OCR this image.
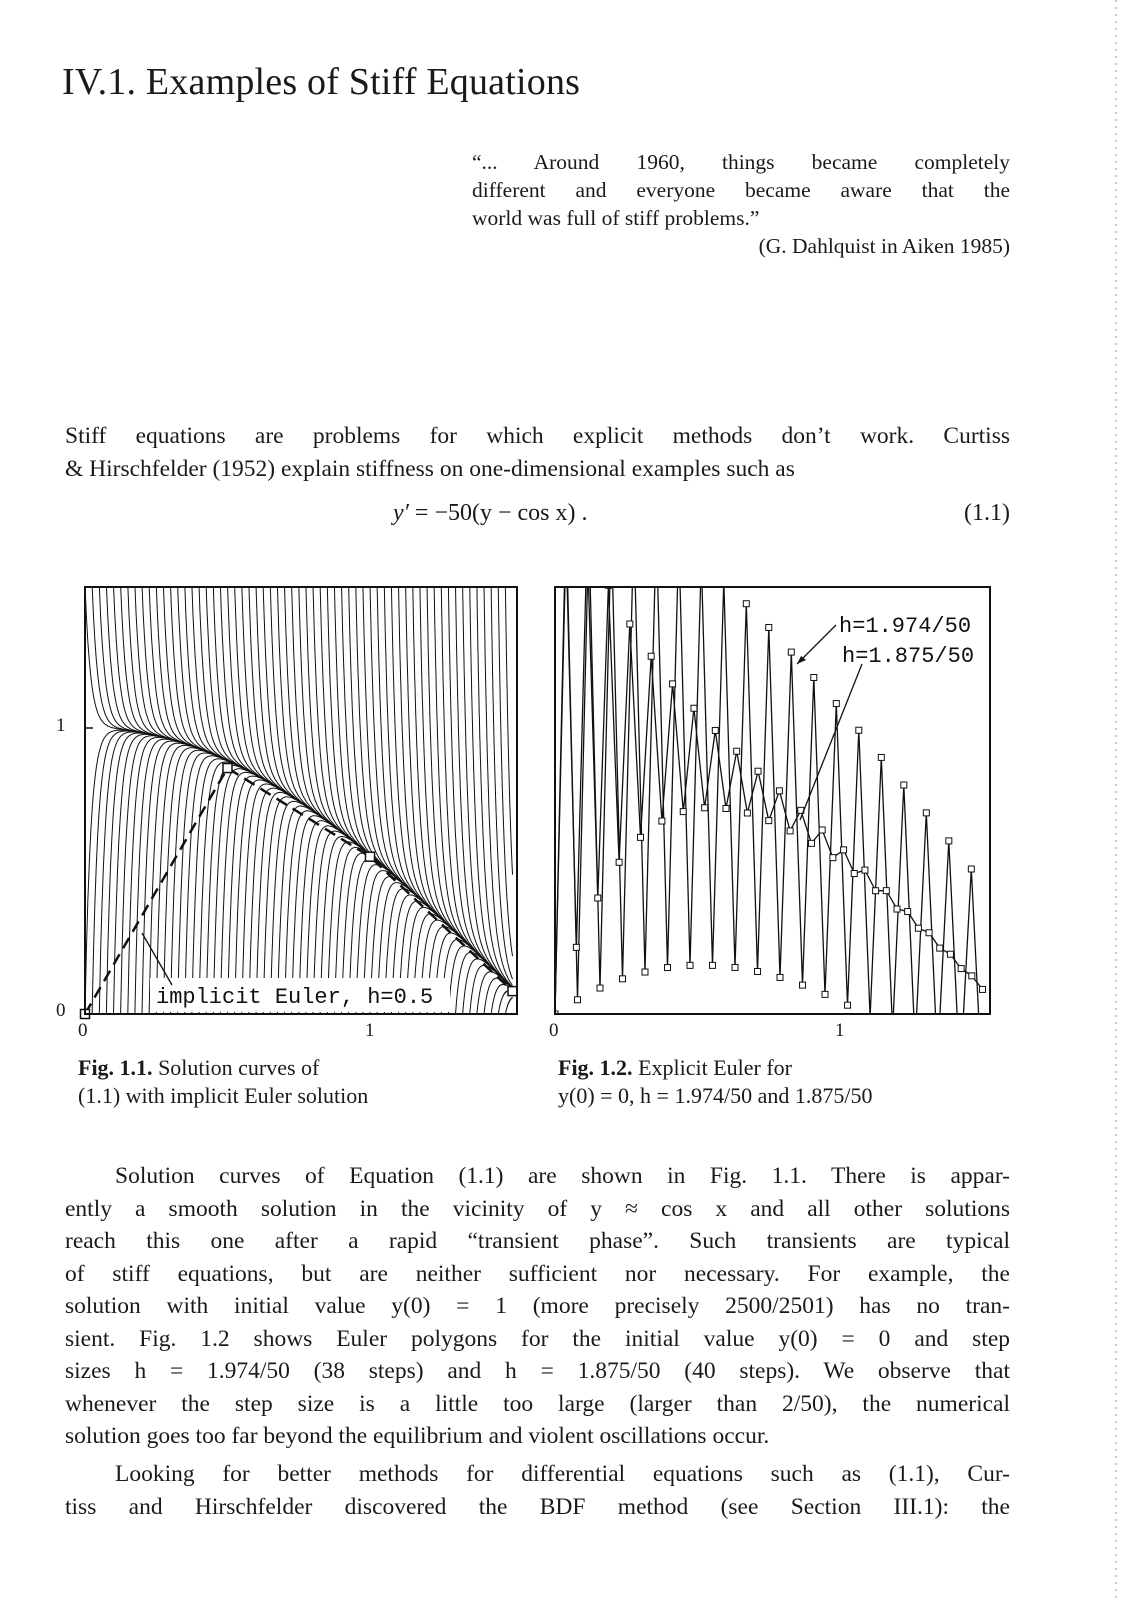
IV.1. Examples of Stiff Equations
“... Around 1960, things became completely
different and everyone became aware that the
world was full of stiff problems.”
(G. Dahlquist in Aiken 1985)
Stiff equations are problems for which explicit methods don’t work. Curtiss
& Hirschfelder (1952) explain stiffness on one-dimensional examples such as
y′ = −50(y − cos x) .	(1.1)
implicit Euler, h=0.5
h=1.974/50
h=1.875/50
1
0
0	1	0	1
Fig. 1.1. Solution curves of
(1.1) with implicit Euler solution
Fig. 1.2. Explicit Euler for
y(0) = 0, h = 1.974/50 and 1.875/50
Solution curves of Equation (1.1) are shown in Fig. 1.1. There is appar-
ently a smooth solution in the vicinity of y ≈ cos x and all other solutions
reach this one after a rapid “transient phase”. Such transients are typical
of stiff equations, but are neither sufficient nor necessary. For example, the
solution with initial value y(0) = 1 (more precisely 2500/2501) has no tran-
sient. Fig. 1.2 shows Euler polygons for the initial value y(0) = 0 and step
sizes h = 1.974/50 (38 steps) and h = 1.875/50 (40 steps). We observe that
whenever the step size is a little too large (larger than 2/50), the numerical
solution goes too far beyond the equilibrium and violent oscillations occur.
Looking for better methods for differential equations such as (1.1), Cur-
tiss and Hirschfelder discovered the BDF method (see Section III.1): the
